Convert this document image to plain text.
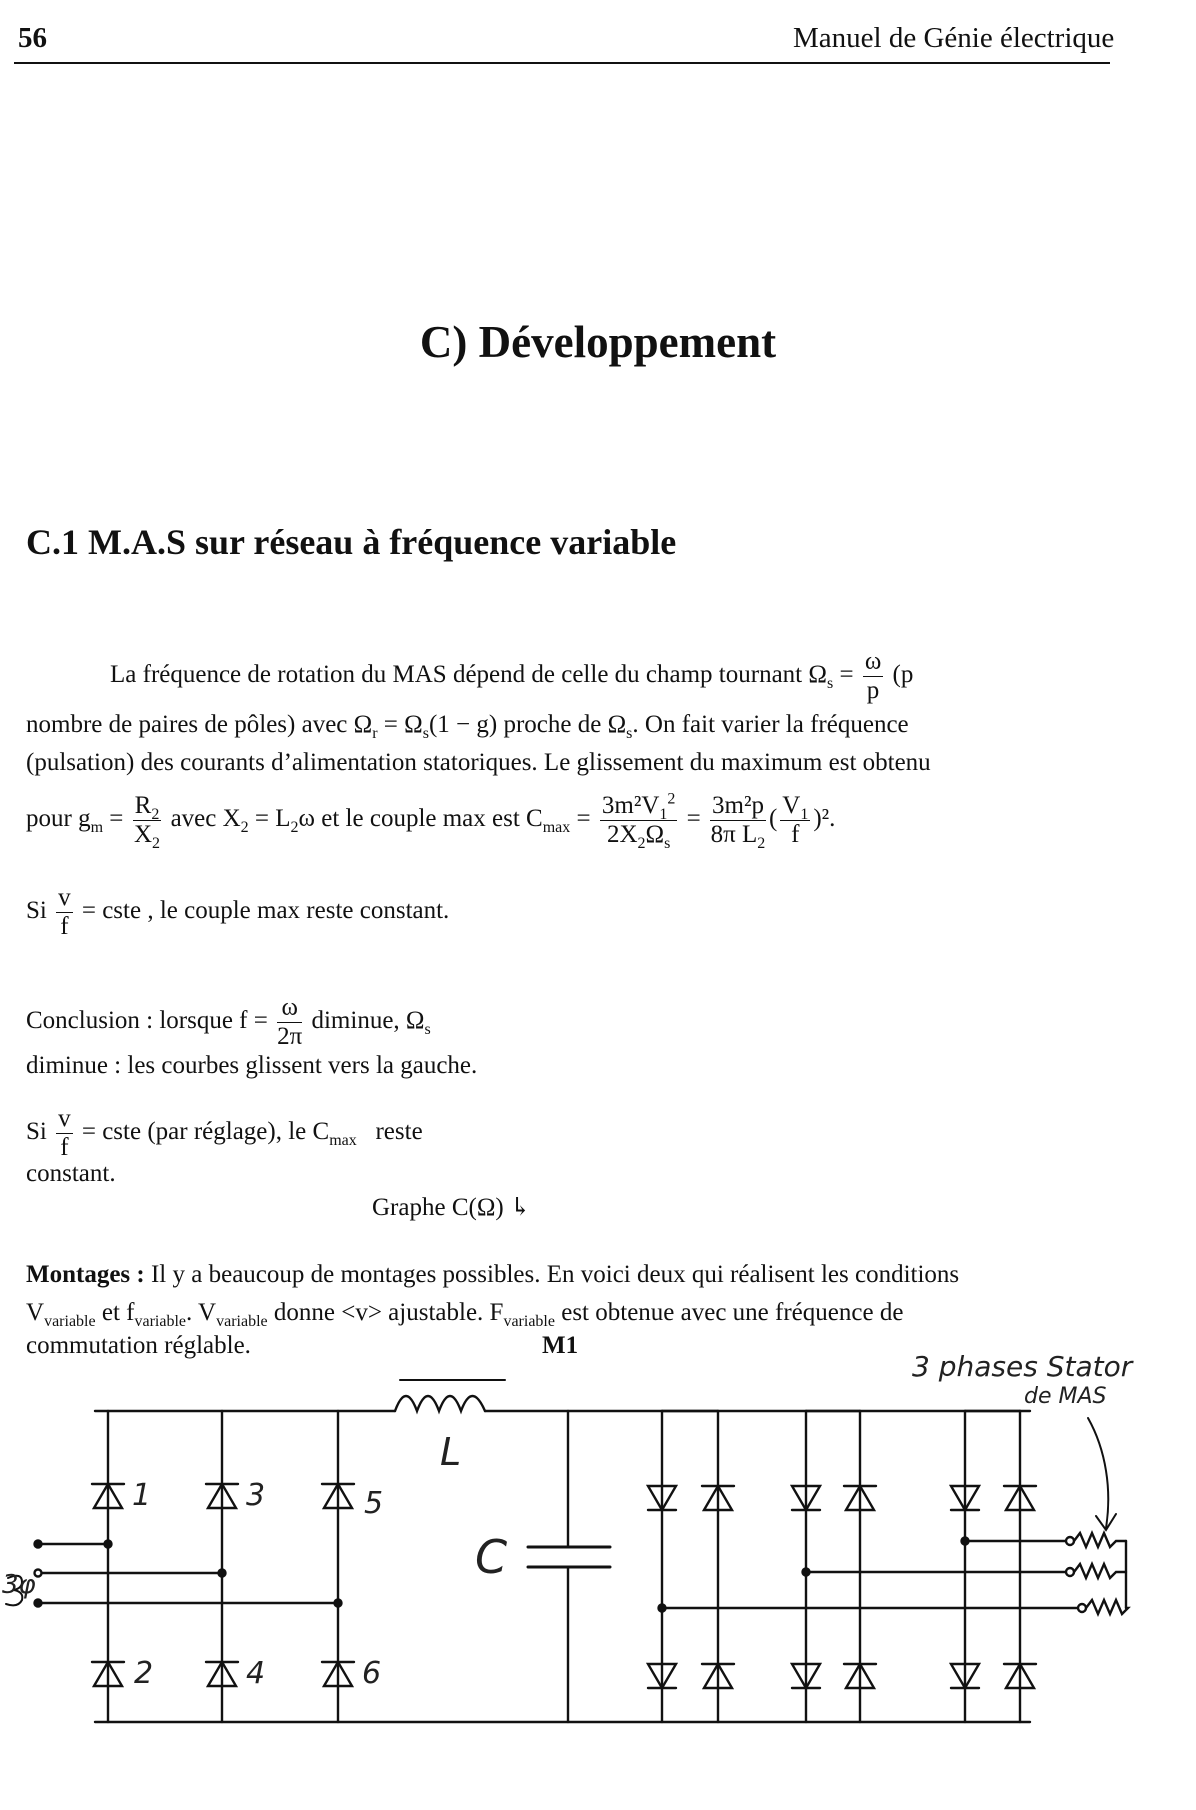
56	Manuel de Génie électrique
C) Développement
C.1 M.A.S sur réseau à fréquence variable
La fréquence de rotation du MAS dépend de celle du champ tournant $\Omega_s = \frac{\omega}{p} (p$
nombre de paires de pôles) avec $\Omega_r = \Omega_s(1 - g)$ proche de $\Omega_s$. On fait varier la fréquence
(pulsation) des courants d’alimentation statoriques. Le glissement du maximum est obtenu
pour $g_m = \frac{R_2}{X_2}$ avec $X_2 = L_2\omega$ et le couple max est $C_{max} = \frac{3m^2V_1^2}{2X_2\Omega_s} = \frac{\text{3m²p}}{8\pi L_2}$ ( $\frac{V_1}{f} )^2$.
Si $\frac{v}{f}$ = cste , le couple max reste constant.
Conclusion : lorsque $f = \frac{\omega}{2\pi}$ diminue, $\Omega_s$
diminue : les courbes glissent vers la gauche.
Si $\frac{v}{f}$ = cste (par réglage), le $C_{max}$ reste
constant.
Graphe C(Ω) ↳
Montages : Il y a beaucoup de montages possibles. En voici deux qui réalisent les conditions
$V_{variable}$ et $f_{variable}$. $V_{variable}$ donne <v> ajustable. $F_{variable}$ est obtenue avec une fréquence de
commutation réglable.	M1
L
C
1	3	5
2	4	6
3φ
3 phases Stator
de MAS
